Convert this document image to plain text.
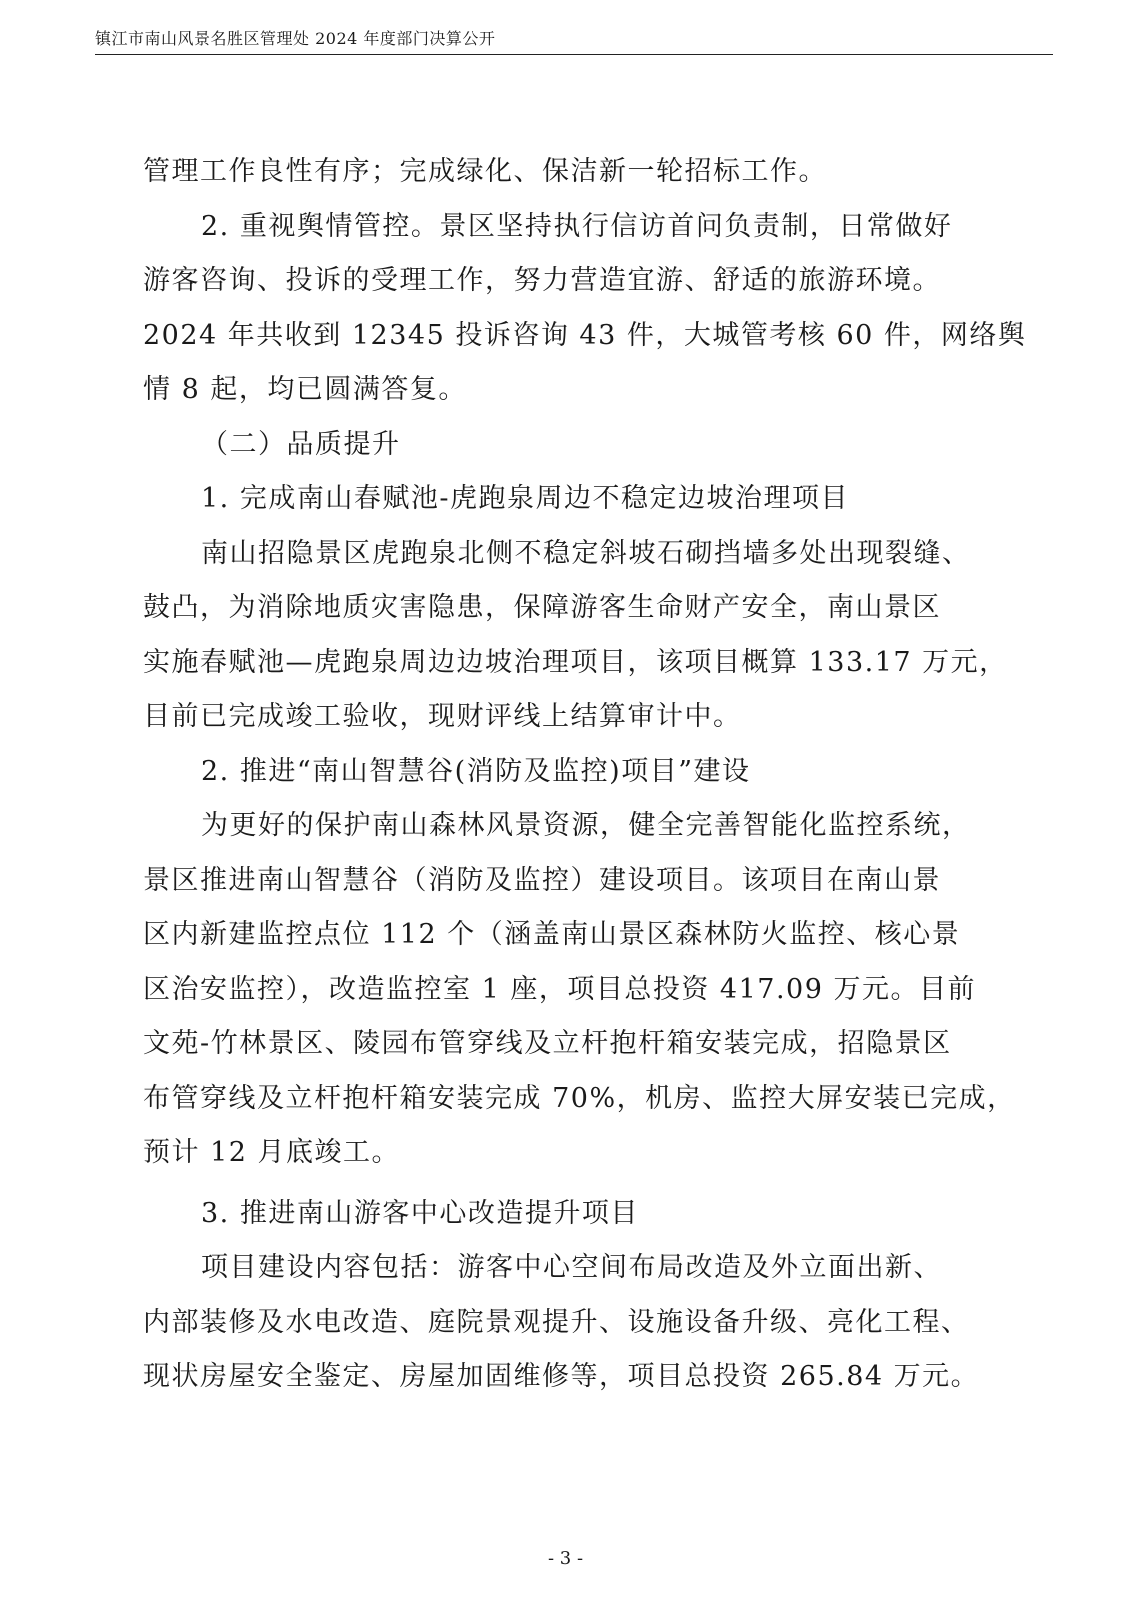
镇江市南山风景名胜区管理处 2024 年度部门决算公开
管理工作良性有序；完成绿化、保洁新一轮招标工作。
2. 重视舆情管控。景区坚持执行信访首问负责制，日常做好
游客咨询、投诉的受理工作，努力营造宜游、舒适的旅游环境。
2024 年共收到 12345 投诉咨询 43 件，大城管考核 60 件，网络舆
情 8 起，均已圆满答复。
（二）品质提升
1. 完成南山春赋池-虎跑泉周边不稳定边坡治理项目
南山招隐景区虎跑泉北侧不稳定斜坡石砌挡墙多处出现裂缝、
鼓凸，为消除地质灾害隐患，保障游客生命财产安全，南山景区
实施春赋池—虎跑泉周边边坡治理项目，该项目概算 133.17 万元，
目前已完成竣工验收，现财评线上结算审计中。
2. 推进“南山智慧谷(消防及监控)项目”建设
为更好的保护南山森林风景资源，健全完善智能化监控系统，
景区推进南山智慧谷（消防及监控）建设项目。该项目在南山景
区内新建监控点位 112 个（涵盖南山景区森林防火监控、核心景
区治安监控），改造监控室 1 座，项目总投资 417.09 万元。目前
文苑-竹林景区、陵园布管穿线及立杆抱杆箱安装完成，招隐景区
布管穿线及立杆抱杆箱安装完成 70%，机房、监控大屏安装已完成，
预计 12 月底竣工。
3. 推进南山游客中心改造提升项目
项目建设内容包括：游客中心空间布局改造及外立面出新、
内部装修及水电改造、庭院景观提升、设施设备升级、亮化工程、
现状房屋安全鉴定、房屋加固维修等，项目总投资 265.84 万元。
- 3 -
